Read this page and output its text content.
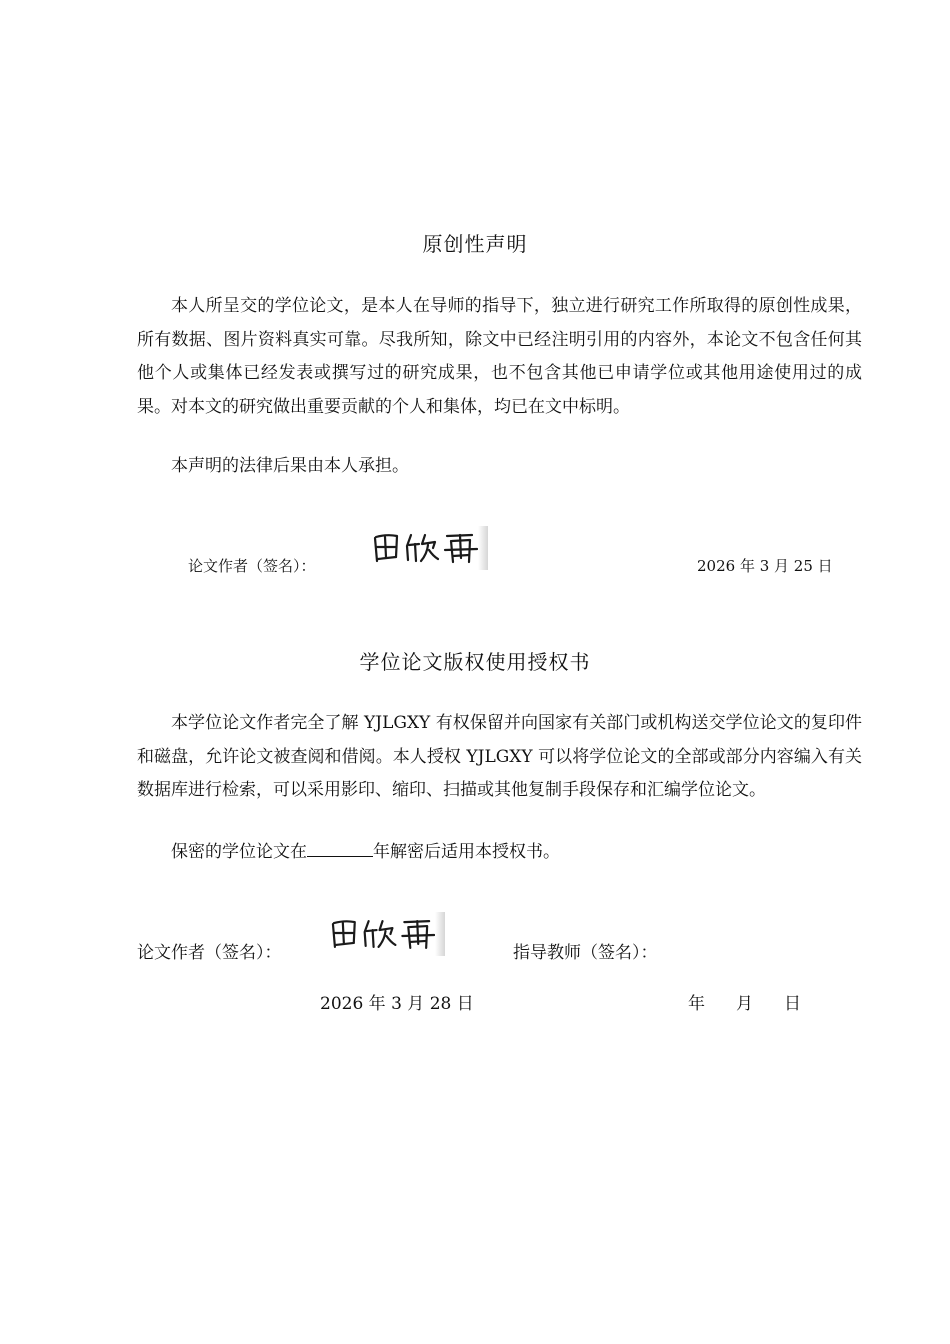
原创性声明

本人所呈交的学位论文，是本人在导师的指导下，独立进行研究工作所取得的原创性成果，所有数据、图片资料真实可靠。尽我所知，除文中已经注明引用的内容外，本论文不包含任何其他个人或集体已经发表或撰写过的研究成果，也不包含其他已申请学位或其他用途使用过的成果。对本文的研究做出重要贡献的个人和集体，均已在文中标明。

本声明的法律后果由本人承担。

论文作者（签名）：	2026 年 3 月 25 日
学位论文版权使用授权书

本学位论文作者完全了解 YJLGXY 有权保留并向国家有关部门或机构送交学位论文的复印件和磁盘，允许论文被查阅和借阅。本人授权 YJLGXY 可以将学位论文的全部或部分内容编入有关数据库进行检索，可以采用影印、缩印、扫描或其他复制手段保存和汇编学位论文。

保密的学位论文在	年解密后适用本授权书。

论文作者（签名）：	指导教师（签名）：
2026 年 3 月 28 日	年 月 日
